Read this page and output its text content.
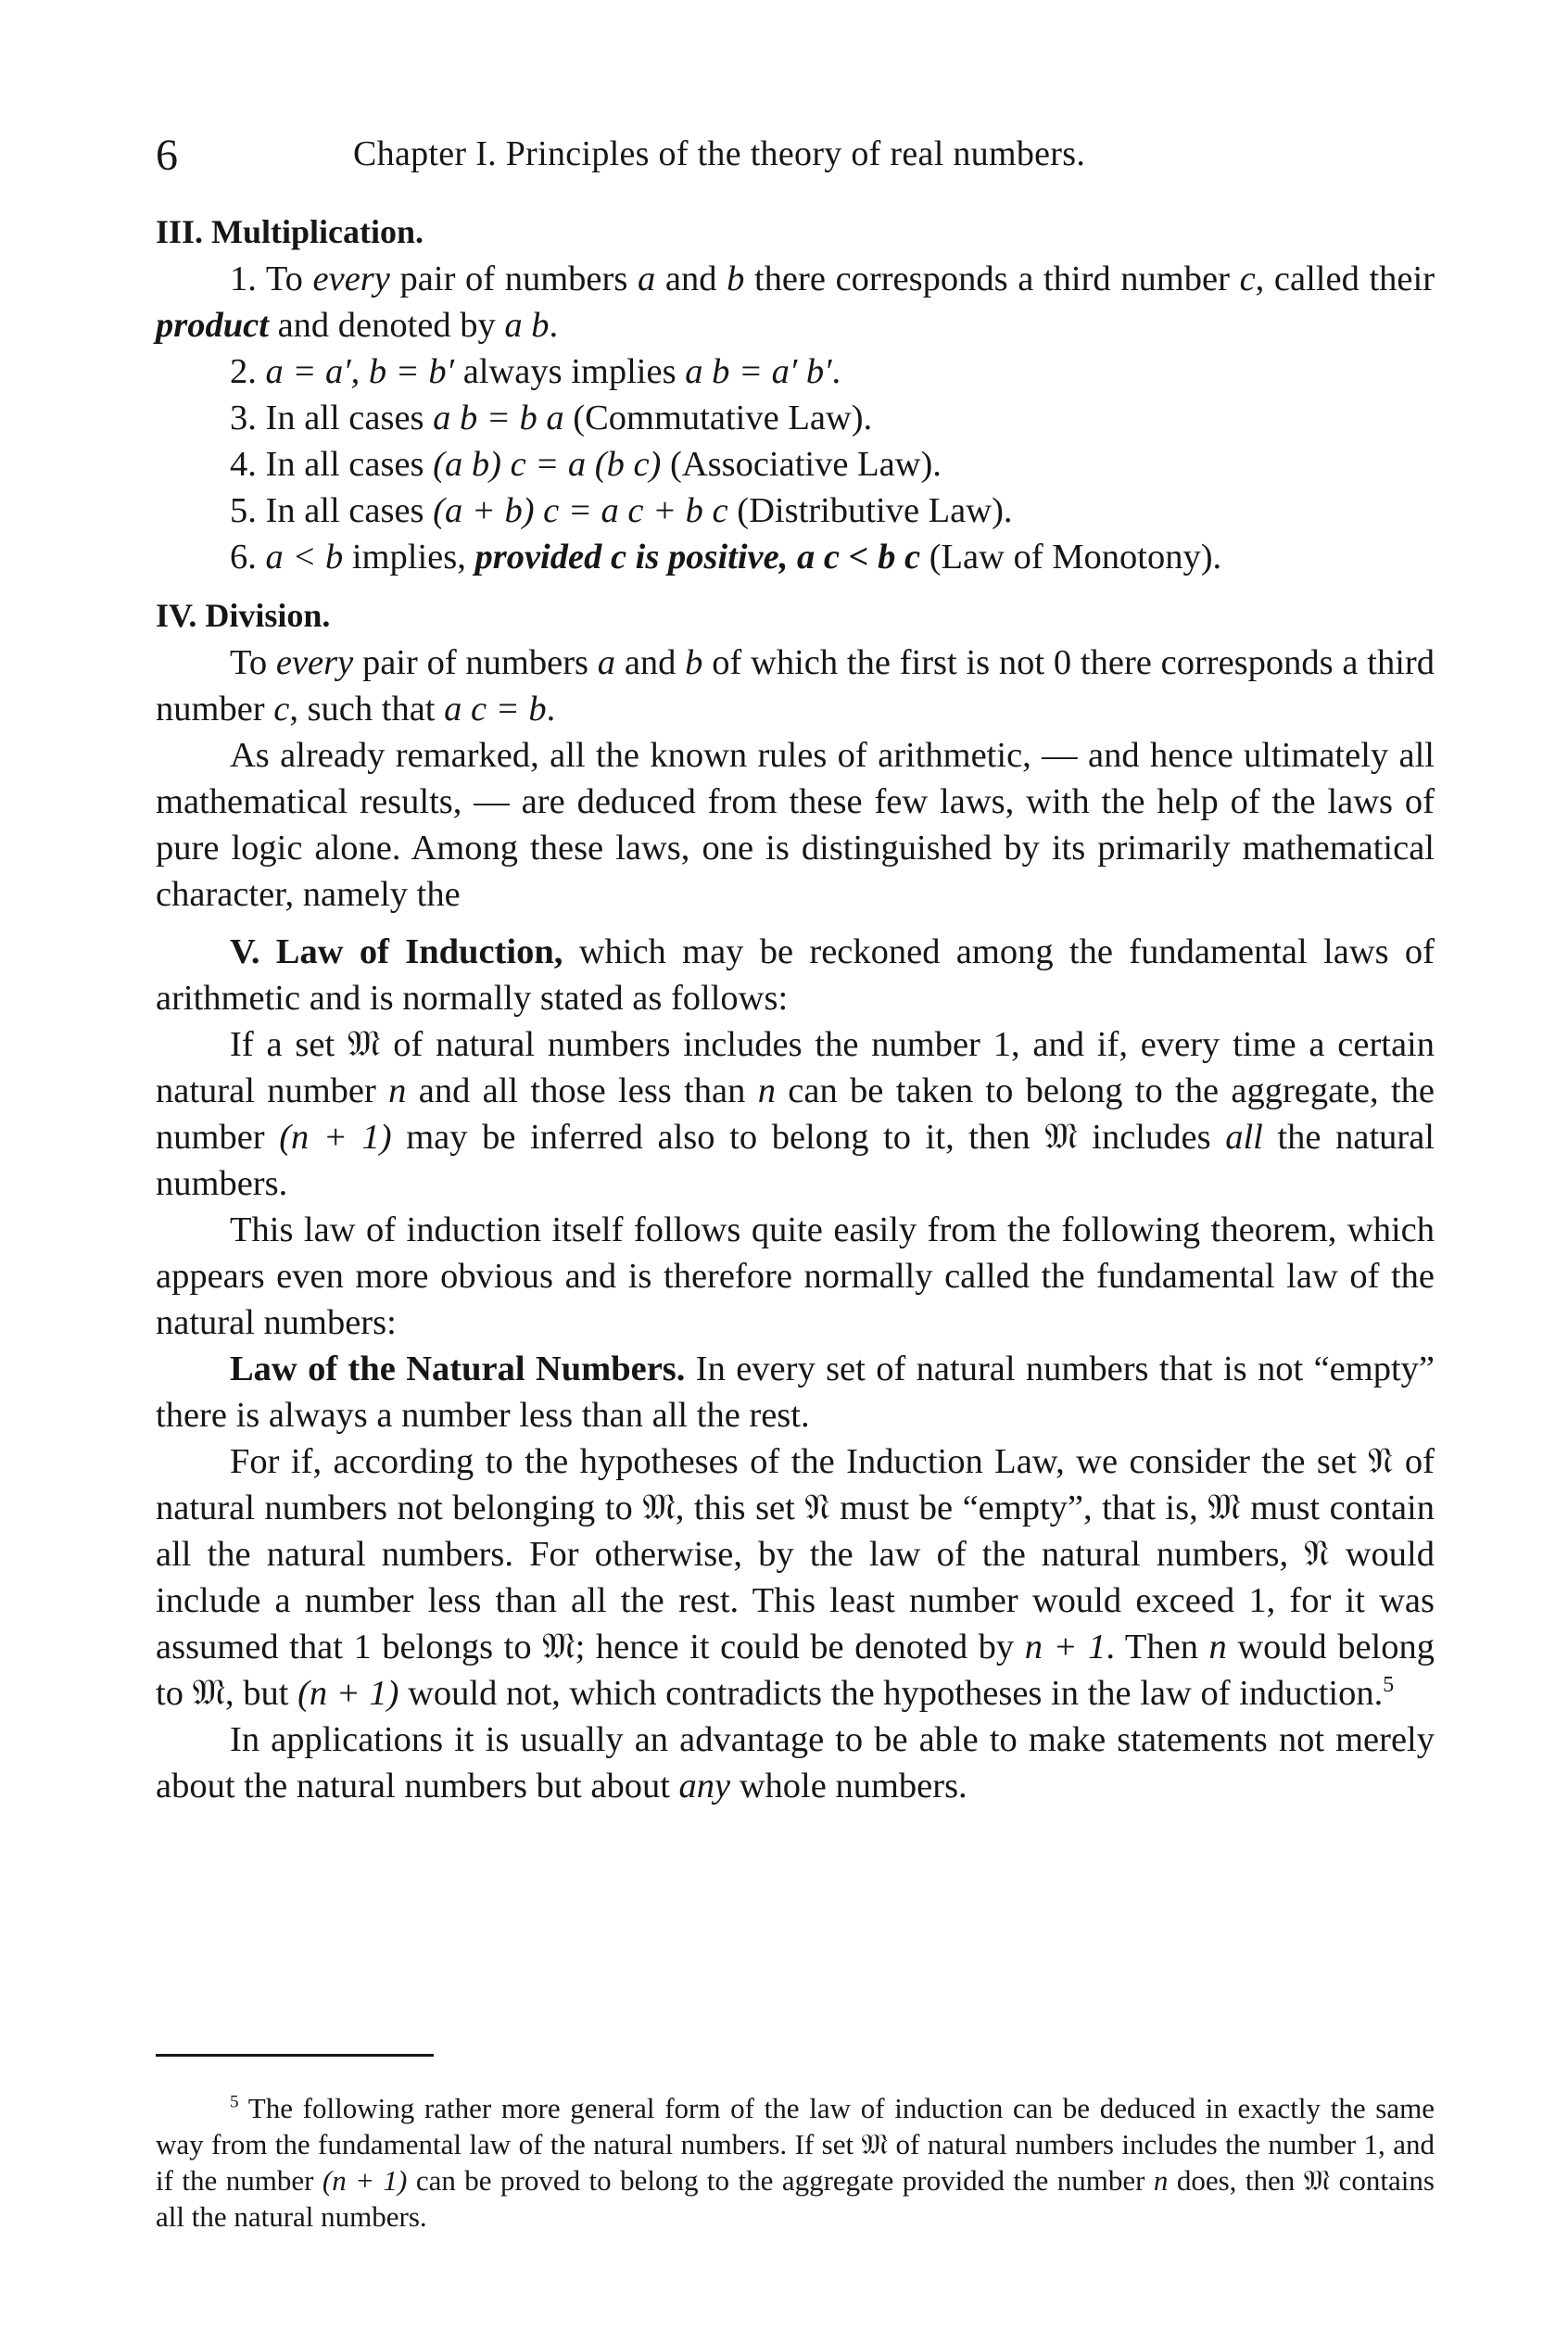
6	Chapter I. Principles of the theory of real numbers.

III. Multiplication.

1. To every pair of numbers a and b there corresponds a third number c, called their product and denoted by a b.

2. a = a′, b = b′ always implies a b = a′ b′.

3. In all cases a b = b a (Commutative Law).

4. In all cases (a b) c = a (b c) (Associative Law).

5. In all cases (a + b) c = a c + b c (Distributive Law).

6. a < b implies, provided c is positive, a c < b c (Law of Monotony).

IV. Division.

To every pair of numbers a and b of which the first is not 0 there corresponds a third number c, such that a c = b.

As already remarked, all the known rules of arithmetic, — and hence ultimately all mathematical results, — are deduced from these few laws, with the help of the laws of pure logic alone. Among these laws, one is distinguished by its primarily mathematical character, namely the

V. Law of Induction, which may be reckoned among the fundamental laws of arithmetic and is normally stated as follows:

If a set 𝔐 of natural numbers includes the number 1, and if, every time a certain natural number n and all those less than n can be taken to belong to the aggregate, the number (n + 1) may be inferred also to belong to it, then 𝔐 includes all the natural numbers.

This law of induction itself follows quite easily from the following theorem, which appears even more obvious and is therefore normally called the fundamental law of the natural numbers:

Law of the Natural Numbers. In every set of natural numbers that is not “empty” there is always a number less than all the rest.

For if, according to the hypotheses of the Induction Law, we consider the set 𝔑 of natural numbers not belonging to 𝔐, this set 𝔑 must be “empty”, that is, 𝔐 must contain all the natural numbers. For otherwise, by the law of the natural numbers, 𝔑 would include a number less than all the rest. This least number would exceed 1, for it was assumed that 1 belongs to 𝔐; hence it could be denoted by n + 1. Then n would belong to 𝔐, but (n + 1) would not, which contradicts the hypotheses in the law of induction.$^5$

In applications it is usually an advantage to be able to make statements not merely about the natural numbers but about any whole numbers.

$^5$ The following rather more general form of the law of induction can be deduced in exactly the same way from the fundamental law of the natural numbers. If set 𝔐 of natural numbers includes the number 1, and if the number (n + 1) can be proved to belong to the aggregate provided the number n does, then 𝔐 contains all the natural numbers.
